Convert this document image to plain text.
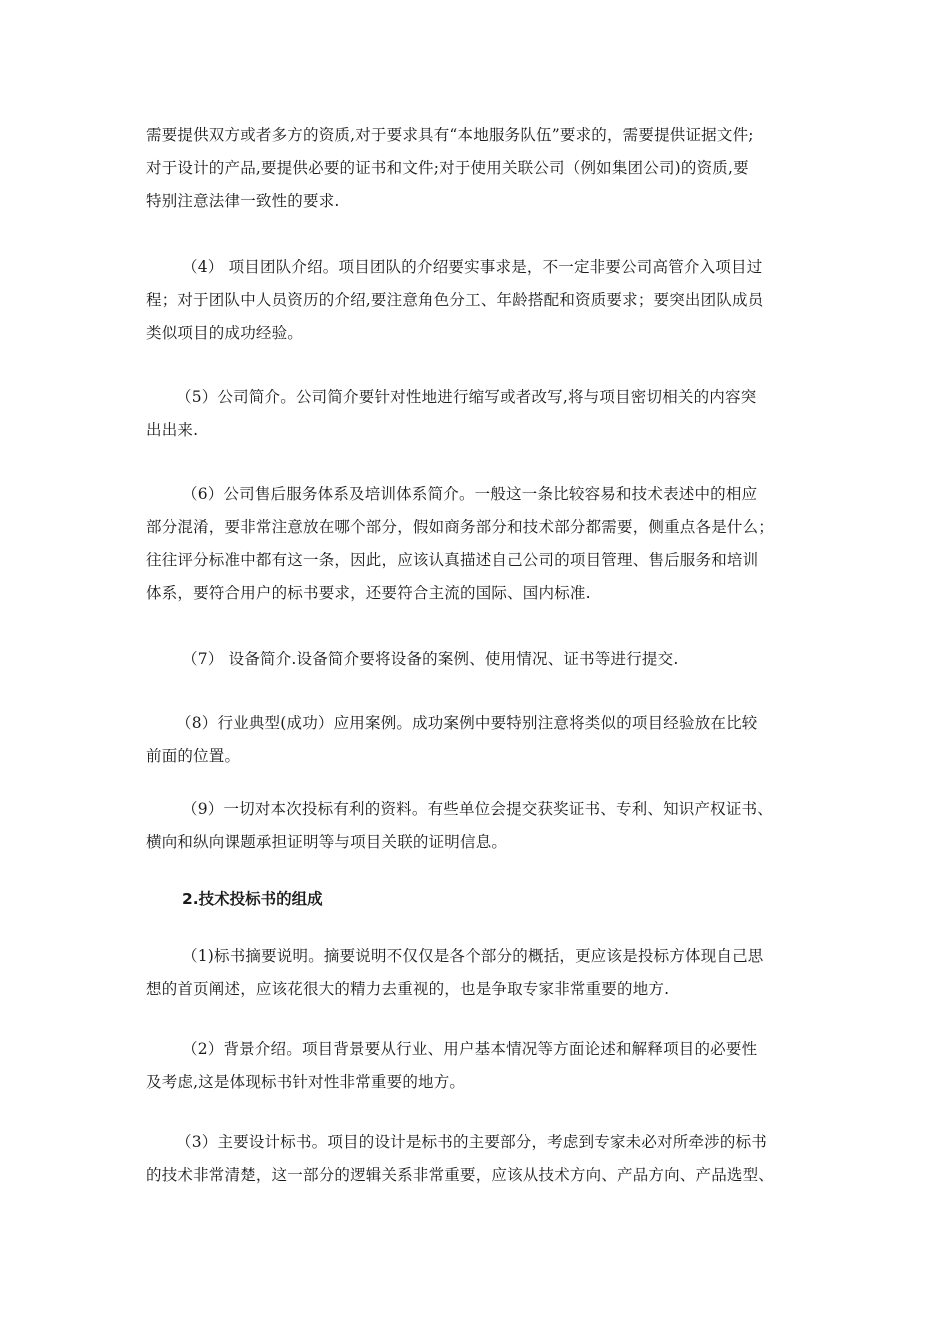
需要提供双方或者多方的资质,对于要求具有“本地服务队伍”要求的，需要提供证据文件;
对于设计的产品,要提供必要的证书和文件;对于使用关联公司（例如集团公司)的资质,要
特别注意法律一致性的要求.

（4） 项目团队介绍。项目团队的介绍要实事求是，不一定非要公司高管介入项目过
程；对于团队中人员资历的介绍,要注意角色分工、年龄搭配和资质要求；要突出团队成员
类似项目的成功经验。

（5）公司简介。公司简介要针对性地进行缩写或者改写,将与项目密切相关的内容突
出出来.

（6）公司售后服务体系及培训体系简介。一般这一条比较容易和技术表述中的相应
部分混淆，要非常注意放在哪个部分，假如商务部分和技术部分都需要，侧重点各是什么；
往往评分标准中都有这一条，因此，应该认真描述自己公司的项目管理、售后服务和培训
体系，要符合用户的标书要求，还要符合主流的国际、国内标准.

（7） 设备简介.设备简介要将设备的案例、使用情况、证书等进行提交.

（8）行业典型(成功）应用案例。成功案例中要特别注意将类似的项目经验放在比较
前面的位置。

（9）一切对本次投标有利的资料。有些单位会提交获奖证书、专利、知识产权证书、
横向和纵向课题承担证明等与项目关联的证明信息。

2.技术投标书的组成

（1)标书摘要说明。摘要说明不仅仅是各个部分的概括，更应该是投标方体现自己思
想的首页阐述，应该花很大的精力去重视的，也是争取专家非常重要的地方.

（2）背景介绍。项目背景要从行业、用户基本情况等方面论述和解释项目的必要性
及考虑,这是体现标书针对性非常重要的地方。

（3）主要设计标书。项目的设计是标书的主要部分，考虑到专家未必对所牵涉的标书
的技术非常清楚，这一部分的逻辑关系非常重要，应该从技术方向、产品方向、产品选型、
